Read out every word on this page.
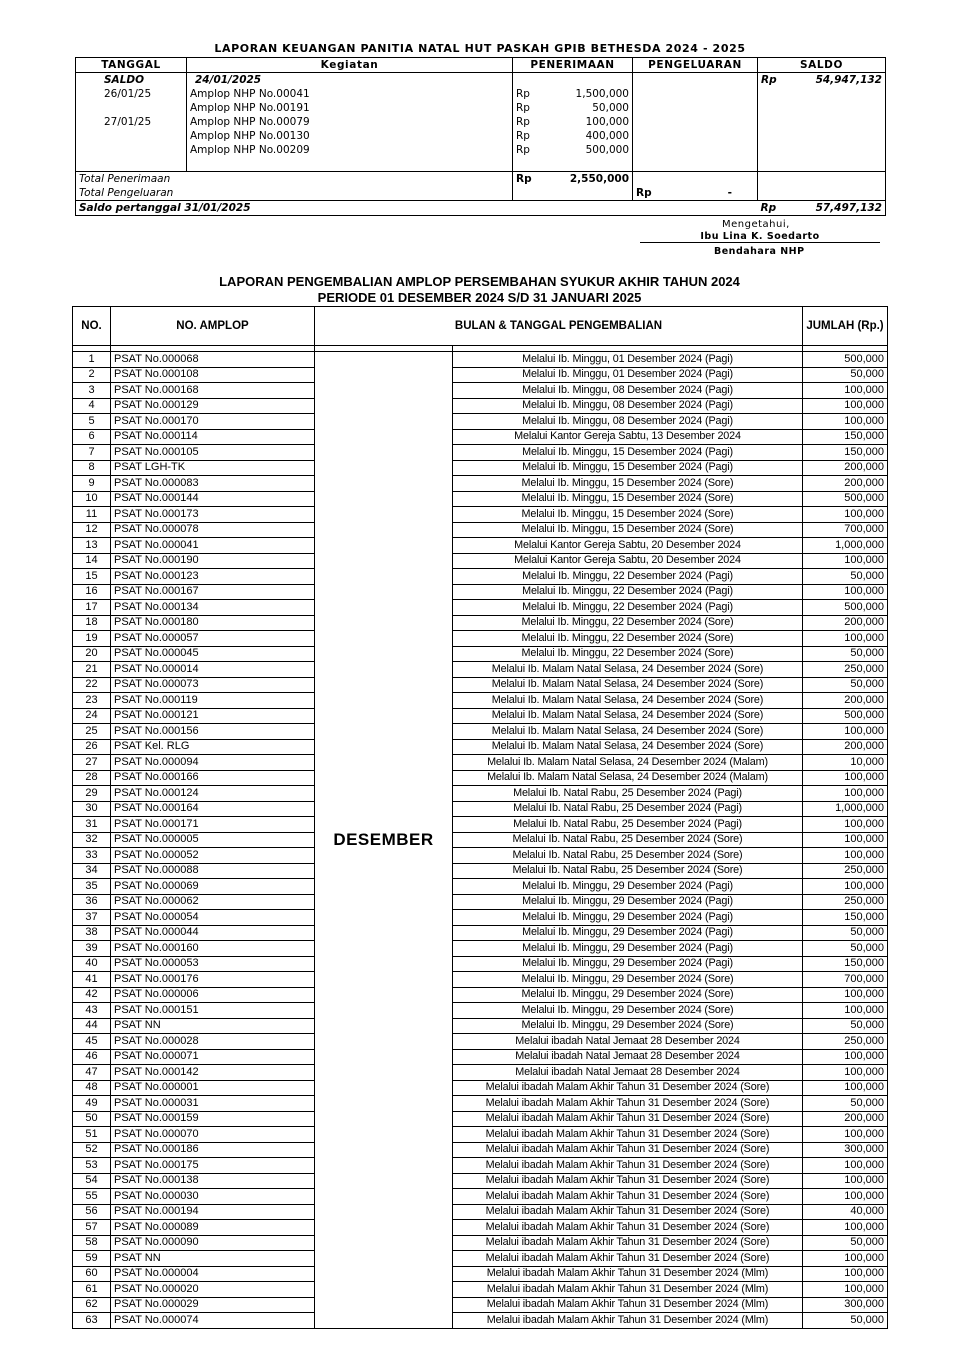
LAPORAN KEUANGAN PANITIA NATAL HUT PASKAH GPIB BETHESDA 2024 - 2025
TANGGAL	Kegiatan	PENERIMAAN	PENGELUARAN	SALDO
SALDO	24/01/2025			Rp 54,947,132

26/01/25	Amplop NHP No.00041	Rp 1,500,000		

	Amplop NHP No.00191	Rp 50,000		

27/01/25	Amplop NHP No.00079	Rp 100,000		

	Amplop NHP No.00130	Rp 400,000		

	Amplop NHP No.00209	Rp 500,000		

Total Penerimaan		Rp 2,550,000		

Total Pengeluaran			Rp -	

Saldo pertanggal 31/01/2025				Rp 57,497,132
Mengetahui,
Ibu Lina K. Soedarto
Bendahara NHP
LAPORAN PENGEMBALIAN AMPLOP PERSEMBAHAN SYUKUR AKHIR TAHUN 2024
PERIODE 01 DESEMBER 2024 S/D 31 JANUARI 2025
NO.	NO. AMPLOP	BULAN & TANGGAL PENGEMBALIAN		JUMLAH (Rp.)

1	PSAT No.000068	DESEMBER	Melalui Ib. Minggu, 01 Desember 2024 (Pagi)	500,000
2	PSAT No.000108		Melalui Ib. Minggu, 01 Desember 2024 (Pagi)	50,000
3	PSAT No.000168		Melalui Ib. Minggu, 08 Desember 2024 (Pagi)	100,000
4	PSAT No.000129		Melalui Ib. Minggu, 08 Desember 2024 (Pagi)	100,000
5	PSAT No.000170		Melalui Ib. Minggu, 08 Desember 2024 (Pagi)	100,000
6	PSAT No.000114		Melalui Kantor Gereja Sabtu, 13 Desember 2024	150,000
7	PSAT No.000105		Melalui Ib. Minggu, 15 Desember 2024 (Pagi)	150,000
8	PSAT LGH-TK		Melalui Ib. Minggu, 15 Desember 2024 (Pagi)	200,000
9	PSAT No.000083		Melalui Ib. Minggu, 15 Desember 2024 (Sore)	200,000
10	PSAT No.000144		Melalui Ib. Minggu, 15 Desember 2024 (Sore)	500,000
11	PSAT No.000173		Melalui Ib. Minggu, 15 Desember 2024 (Sore)	100,000
12	PSAT No.000078		Melalui Ib. Minggu, 15 Desember 2024 (Sore)	700,000
13	PSAT No.000041		Melalui Kantor Gereja Sabtu, 20 Desember 2024	1,000,000
14	PSAT No.000190		Melalui Kantor Gereja Sabtu, 20 Desember 2024	100,000
15	PSAT No.000123		Melalui Ib. Minggu, 22 Desember 2024 (Pagi)	50,000
16	PSAT No.000167		Melalui Ib. Minggu, 22 Desember 2024 (Pagi)	100,000
17	PSAT No.000134		Melalui Ib. Minggu, 22 Desember 2024 (Pagi)	500,000
18	PSAT No.000180		Melalui Ib. Minggu, 22 Desember 2024 (Sore)	200,000
19	PSAT No.000057		Melalui Ib. Minggu, 22 Desember 2024 (Sore)	100,000
20	PSAT No.000045		Melalui Ib. Minggu, 22 Desember 2024 (Sore)	50,000
21	PSAT No.000014		Melalui Ib. Malam Natal Selasa, 24 Desember 2024 (Sore)	250,000
22	PSAT No.000073		Melalui Ib. Malam Natal Selasa, 24 Desember 2024 (Sore)	50,000
23	PSAT No.000119		Melalui Ib. Malam Natal Selasa, 24 Desember 2024 (Sore)	200,000
24	PSAT No.000121		Melalui Ib. Malam Natal Selasa, 24 Desember 2024 (Sore)	500,000
25	PSAT No.000156		Melalui Ib. Malam Natal Selasa, 24 Desember 2024 (Sore)	100,000
26	PSAT Kel. RLG		Melalui Ib. Malam Natal Selasa, 24 Desember 2024 (Sore)	200,000
27	PSAT No.000094		Melalui Ib. Malam Natal Selasa, 24 Desember 2024 (Malam)	10,000
28	PSAT No.000166		Melalui Ib. Malam Natal Selasa, 24 Desember 2024 (Malam)	100,000
29	PSAT No.000124		Melalui Ib. Natal Rabu, 25 Desember 2024 (Pagi)	100,000
30	PSAT No.000164		Melalui Ib. Natal Rabu, 25 Desember 2024 (Pagi)	1,000,000
31	PSAT No.000171		Melalui Ib. Natal Rabu, 25 Desember 2024 (Pagi)	100,000
32	PSAT No.000005		Melalui Ib. Natal Rabu, 25 Desember 2024 (Sore)	100,000
33	PSAT No.000052		Melalui Ib. Natal Rabu, 25 Desember 2024 (Sore)	100,000
34	PSAT No.000088		Melalui Ib. Natal Rabu, 25 Desember 2024 (Sore)	250,000
35	PSAT No.000069		Melalui Ib. Minggu, 29 Desember 2024 (Pagi)	100,000
36	PSAT No.000062		Melalui Ib. Minggu, 29 Desember 2024 (Pagi)	250,000
37	PSAT No.000054		Melalui Ib. Minggu, 29 Desember 2024 (Pagi)	150,000
38	PSAT No.000044		Melalui Ib. Minggu, 29 Desember 2024 (Pagi)	50,000
39	PSAT No.000160		Melalui Ib. Minggu, 29 Desember 2024 (Pagi)	50,000
40	PSAT No.000053		Melalui Ib. Minggu, 29 Desember 2024 (Pagi)	150,000
41	PSAT No.000176		Melalui Ib. Minggu, 29 Desember 2024 (Sore)	700,000
42	PSAT No.000006		Melalui Ib. Minggu, 29 Desember 2024 (Sore)	100,000
43	PSAT No.000151		Melalui Ib. Minggu, 29 Desember 2024 (Sore)	100,000
44	PSAT NN		Melalui Ib. Minggu, 29 Desember 2024 (Sore)	50,000
45	PSAT No.000028		Melalui ibadah Natal Jemaat 28 Desember 2024	250,000
46	PSAT No.000071		Melalui ibadah Natal Jemaat 28 Desember 2024	100,000
47	PSAT No.000142		Melalui ibadah Natal Jemaat 28 Desember 2024	100,000
48	PSAT No.000001		Melalui ibadah Malam Akhir Tahun 31 Desember 2024 (Sore)	100,000
49	PSAT No.000031		Melalui ibadah Malam Akhir Tahun 31 Desember 2024 (Sore)	50,000
50	PSAT No.000159		Melalui ibadah Malam Akhir Tahun 31 Desember 2024 (Sore)	200,000
51	PSAT No.000070		Melalui ibadah Malam Akhir Tahun 31 Desember 2024 (Sore)	100,000
52	PSAT No.000186		Melalui ibadah Malam Akhir Tahun 31 Desember 2024 (Sore)	300,000
53	PSAT No.000175		Melalui ibadah Malam Akhir Tahun 31 Desember 2024 (Sore)	100,000
54	PSAT No.000138		Melalui ibadah Malam Akhir Tahun 31 Desember 2024 (Sore)	100,000
55	PSAT No.000030		Melalui ibadah Malam Akhir Tahun 31 Desember 2024 (Sore)	100,000
56	PSAT No.000194		Melalui ibadah Malam Akhir Tahun 31 Desember 2024 (Sore)	40,000
57	PSAT No.000089		Melalui ibadah Malam Akhir Tahun 31 Desember 2024 (Sore)	100,000
58	PSAT No.000090		Melalui ibadah Malam Akhir Tahun 31 Desember 2024 (Sore)	50,000
59	PSAT NN		Melalui ibadah Malam Akhir Tahun 31 Desember 2024 (Sore)	100,000
60	PSAT No.000004		Melalui ibadah Malam Akhir Tahun 31 Desember 2024 (Mlm)	100,000
61	PSAT No.000020		Melalui ibadah Malam Akhir Tahun 31 Desember 2024 (Mlm)	100,000
62	PSAT No.000029		Melalui ibadah Malam Akhir Tahun 31 Desember 2024 (Mlm)	300,000
63	PSAT No.000074		Melalui ibadah Malam Akhir Tahun 31 Desember 2024 (Mlm)	50,000
